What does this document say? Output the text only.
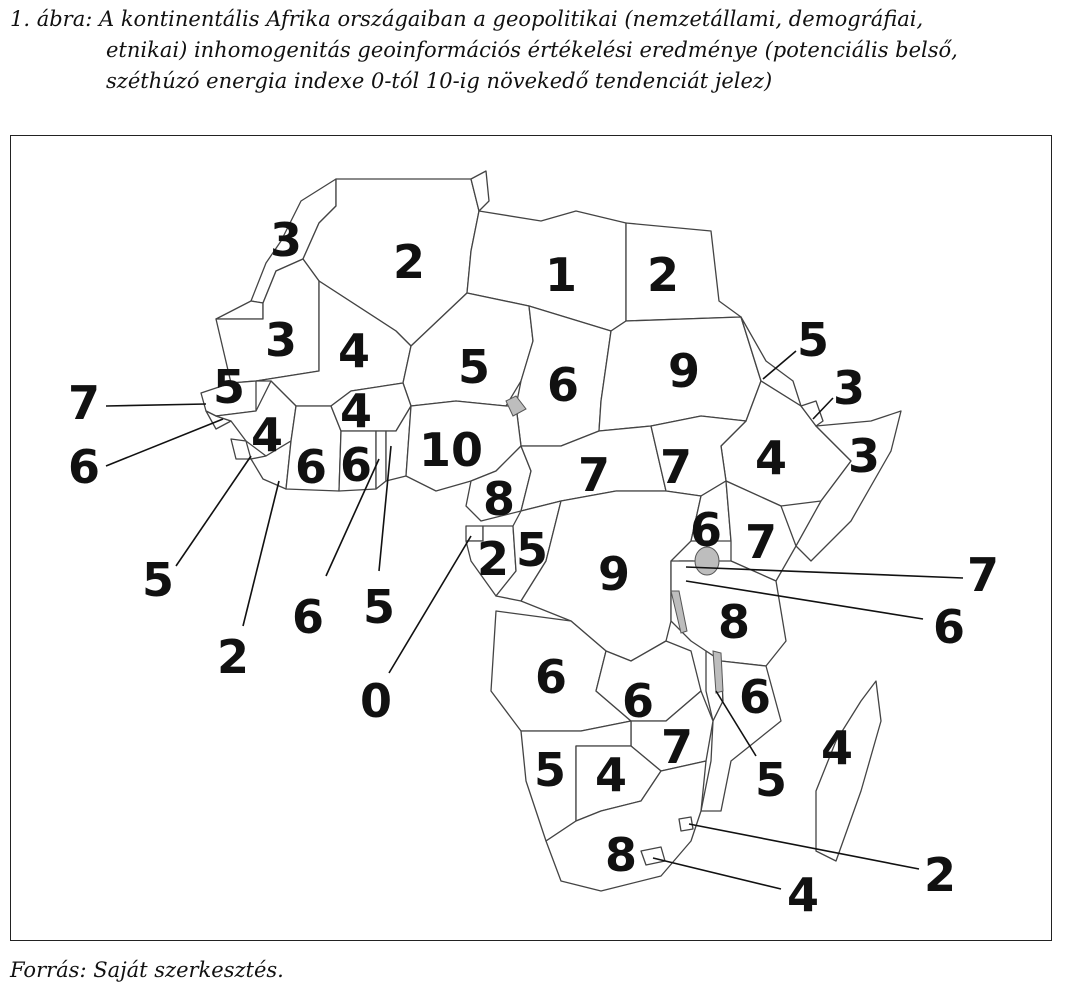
1. ábra: A kontinentális Afrika országaiban a geopolitikai (nemzetállami, demográfiai,
etnikai) inhomogenitás geoinformációs értékelési eredménye (potenciális belső,
széthúzó energia indexe 0-tól 10-ig növekedő tendenciát jelez)
3 2	1 2
3 4 5 6 9
5
3
3
4
7 5
6
4 4
10
6 6
5
2
6 5
0
8 7 7
2 5 9
6 7
7
6
8
6 6 6
5
4
7
5 4
8	2
4
Forrás: Saját szerkesztés.
